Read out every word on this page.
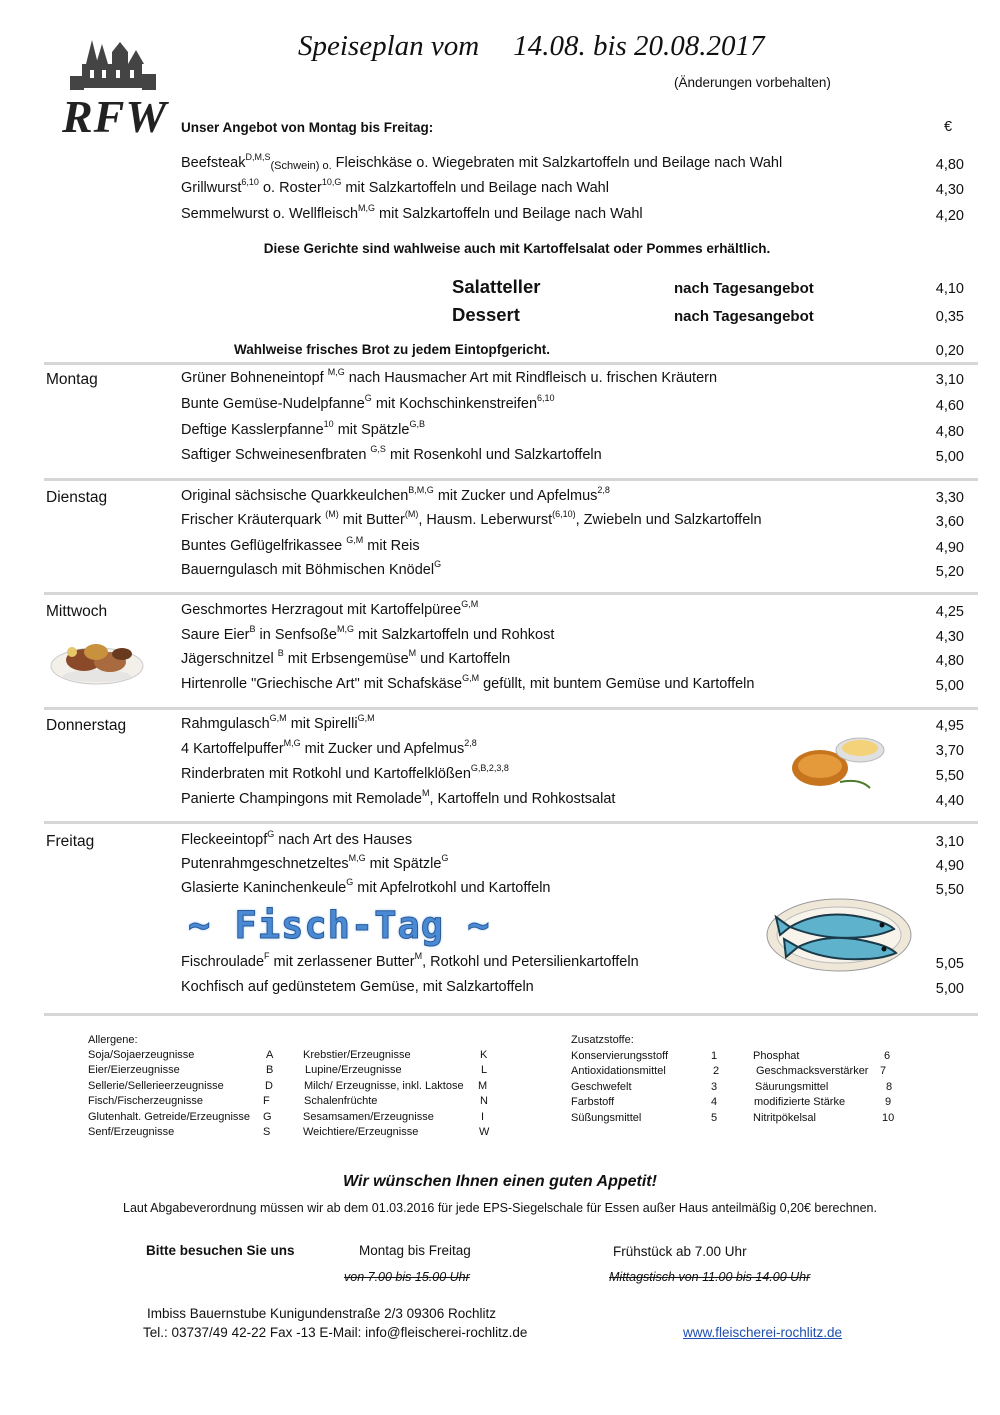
RFW
Speiseplan vom 14.08. bis 20.08.2017
(Änderungen vorbehalten)
Unser Angebot von Montag bis Freitag:	€
Beefsteak$^{D,M,S}$(Schwein) o. Fleischkäse o. Wiegebraten mit Salzkartoffeln und Beilage nach Wahl	4,80
Grillwurst$^{6,10}$ o. Roster$^{10,G}$ mit Salzkartoffeln und Beilage nach Wahl	4,30
Semmelwurst o. Wellfleisch$^{M,G}$ mit Salzkartoffeln und Beilage nach Wahl	4,20
Diese Gerichte sind wahlweise auch mit Kartoffelsalat oder Pommes erhältlich.
Salatteller	nach Tagesangebot	4,10
Dessert	nach Tagesangebot	0,35
Wahlweise frisches Brot zu jedem Eintopfgericht.	0,20
Montag	Grüner Bohneneintopf $^{M,G}$ nach Hausmacher Art mit Rindfleisch u. frischen Kräutern	3,10
Bunte Gemüse-Nudelpfanne$^G$ mit Kochschinkenstreifen$^{6,10}$	4,60
Deftige Kasslerpfanne$^{10}$ mit Spätzle$^{G,B}$	4,80
Saftiger Schweinesenfbraten $^{G,S}$ mit Rosenkohl und Salzkartoffeln	5,00
Dienstag	Original sächsische Quarkkeulchen$^{B,M,G}$ mit Zucker und Apfelmus$^{2,8}$	3,30
Frischer Kräuterquark $^{(M)}$ mit Butter$^{(M)}$, Hausm. Leberwurst$^{(6,10)}$, Zwiebeln und Salzkartoffeln	3,60
Buntes Geflügelfrikassee $^{G,M}$ mit Reis	4,90
Bauerngulasch mit Böhmischen Knödel$^G$	5,20
Mittwoch	Geschmortes Herzragout mit Kartoffelpüree$^{G,M}$	4,25
Saure Eier$^B$ in Senfsoße$^{M,G}$ mit Salzkartoffeln und Rohkost	4,30
Jägerschnitzel $^B$ mit Erbsengemüse$^M$ und Kartoffeln	4,80
Hirtenrolle "Griechische Art" mit Schafskäse$^{G,M}$ gefüllt, mit buntem Gemüse und Kartoffeln	5,00
Donnerstag	Rahmgulasch$^{G,M}$ mit Spirelli$^{G,M}$	4,95
4 Kartoffelpuffer$^{M,G}$ mit Zucker und Apfelmus$^{2,8}$	3,70
Rinderbraten mit Rotkohl und Kartoffelklößen$^{G,B,2,3,8}$	5,50
Panierte Champingons mit Remolade$^M$, Kartoffeln und Rohkostsalat	4,40
Freitag	Fleckeeintopf$^G$ nach Art des Hauses	3,10
Putenrahmgeschnetzeltes$^{M,G}$ mit Spätzle$^G$	4,90
Glasierte Kaninchenkeule$^G$ mit Apfelrotkohl und Kartoffeln	5,50
~ Fisch-Tag ~
Fischroulade$^F$ mit zerlassener Butter$^M$, Rotkohl und Petersilienkartoffeln	5,05
Kochfisch auf gedünstetem Gemüse, mit Salzkartoffeln	5,00
Allergene:
Soja/Sojaerzeugnisse	A
Eier/Eierzeugnisse	B
Sellerie/Sellerieerzeugnisse	D
Fisch/Fischerzeugnisse	F
Glutenhalt. Getreide/Erzeugnisse G
Senf/Erzeugnisse	S
Krebstier/Erzeugnisse	K
Lupine/Erzeugnisse	L
Milch/ Erzeugnisse, inkl. Laktose M
Schalenfrüchte	N
Sesamsamen/Erzeugnisse	I
Weichtiere/Erzeugnisse	W
Zusatzstoffe:
Konservierungsstoff	1
Antioxidationsmittel	2
Geschwefelt	3
Farbstoff	4
Süßungsmittel	5
Phosphat	6
Geschmacksverstärker 7
Säurungsmittel	8
modifizierte Stärke	9
Nitritpökelsal	10
Wir wünschen Ihnen einen guten Appetit!
Laut Abgabeverordnung müssen wir ab dem 01.03.2016 für jede EPS-Siegelschale für Essen außer Haus anteilmäßig 0,20€ berechnen.
Bitte besuchen Sie uns	Montag bis Freitag	Frühstück ab 7.00 Uhr
von 7.00 bis 15.00 Uhr	Mittagstisch von 11.00 bis 14.00 Uhr
Imbiss Bauernstube Kunigundenstraße 2/3 09306 Rochlitz
Tel.: 03737/49 42-22 Fax -13 E-Mail: info@fleischerei-rochlitz.de	www.fleischerei-rochlitz.de
